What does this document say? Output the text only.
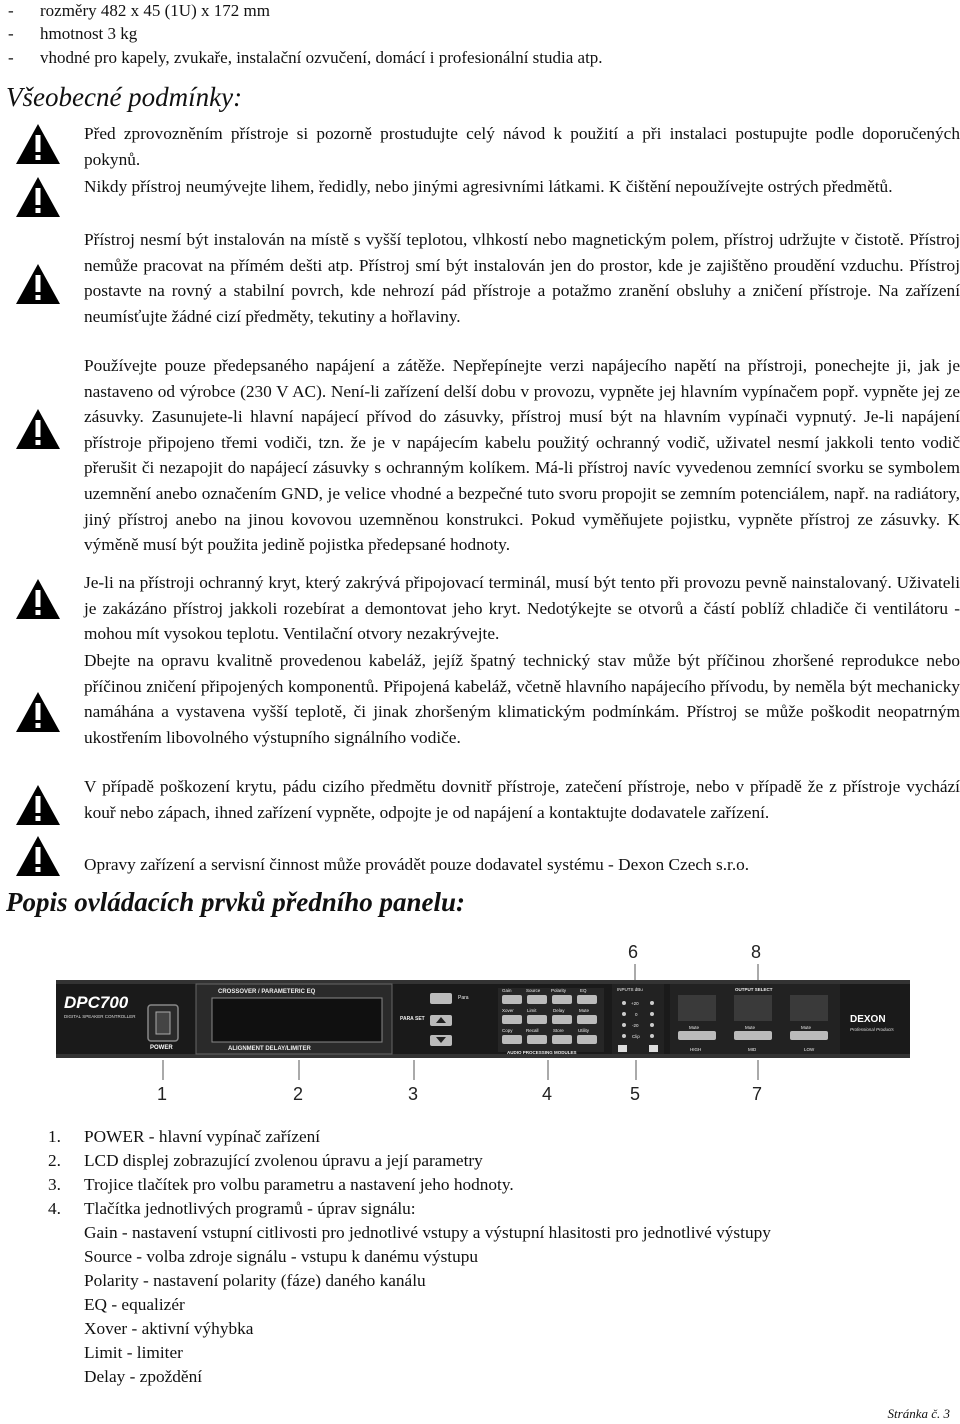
- rozměry 482 x 45 (1U) x 172 mm
- hmotnost 3 kg
- vhodné pro kapely, zvukaře, instalační ozvučení, domácí i profesionální studia atp.
Všeobecné podmínky:
Před zprovozněním přístroje si pozorně prostudujte celý návod k použití a při instalaci postupujte podle doporučených pokynů.
Nikdy přístroj neumývejte lihem, ředidly, nebo jinými agresivními látkami. K čištění nepoužívejte ostrých předmětů.
Přístroj nesmí být instalován na místě s vyšší teplotou, vlhkostí nebo magnetickým polem, přístroj udržujte v čistotě. Přístroj nemůže pracovat na přímém dešti atp. Přístroj smí být instalován jen do prostor, kde je zajištěno proudění vzduchu. Přístroj postavte na rovný a stabilní povrch, kde nehrozí pád přístroje a potažmo zranění obsluhy a zničení přístroje. Na zařízení neumísťujte žádné cizí předměty, tekutiny a hořlaviny.
Používejte pouze předepsaného napájení a zátěže. Nepřepínejte verzi napájecího napětí na přístroji, ponechejte ji, jak je nastaveno od výrobce (230 V AC). Není-li zařízení delší dobu v provozu, vypněte jej hlavním vypínačem popř. vypněte jej ze zásuvky. Zasunujete-li hlavní napájecí přívod do zásuvky, přístroj musí být na hlavním vypínači vypnutý. Je-li napájení přístroje připojeno třemi vodiči, tzn. že je v napájecím kabelu použitý ochranný vodič, uživatel nesmí jakkoli tento vodič přerušit či nezapojit do napájecí zásuvky s ochranným kolíkem. Má-li přístroj navíc vyvedenou zemnící svorku se symbolem uzemnění anebo označením GND, je velice vhodné a bezpečné tuto svoru propojit se zemním potenciálem, např. na radiátory, jiný přístroj anebo na jinou kovovou uzemněnou konstrukci. Pokud vyměňujete pojistku, vypněte přístroj ze zásuvky. K výměně musí být použita jedině pojistka předepsané hodnoty.
Je-li na přístroji ochranný kryt, který zakrývá připojovací terminál, musí být tento při provozu pevně nainstalovaný. Uživateli je zakázáno přístroj jakkoli rozebírat a demontovat jeho kryt. Nedotýkejte se otvorů a částí poblíž chladiče či ventilátoru - mohou mít vysokou teplotu. Ventilační otvory nezakrývejte.
Dbejte na opravu kvalitně provedenou kabeláž, jejíž špatný technický stav může být příčinou zhoršené reprodukce nebo příčinou zničení připojených komponentů. Připojená kabeláž, včetně hlavního napájecího přívodu, by neměla být mechanicky namáhána a vystavena vyšší teplotě, či jinak zhoršeným klimatickým podmínkám. Přístroj se může poškodit neopatrným ukostřením libovolného výstupního signálního vodiče.
V případě poškození krytu, pádu cizího předmětu dovnitř přístroje, zatečení přístroje, nebo v případě že z přístroje vychází kouř nebo zápach, ihned zařízení vypněte, odpojte je od napájení a kontaktujte dodavatele zařízení.
Opravy zařízení a servisní činnost může provádět pouze dodavatel systému - Dexon Czech s.r.o.
Popis ovládacích prvků předního panelu:
6	8
DPC700
DIGITAL SPEAKER CONTROLLER
POWER
CROSSOVER / PARAMETERIC EQ
ALIGNMENT DELAY/LIMITER
PARA SET
Para
Gain	Source Polarity	EQ
Xover	Limit	Delay	Mute
Copy	Recall	Store	Utility
AUDIO PROCESSING MODULES
INPUTS dBu
+20
0
-20
Clip
OUTPUT SELECT
Mute	Mute	Mute
HIGH	MID	LOW
DEXON
Professional Products
1	2	3	4	5	7
1. POWER - hlavní vypínač zařízení
2. LCD displej zobrazující zvolenou úpravu a její parametry
3. Trojice tlačítek pro volbu parametru a nastavení jeho hodnoty.
4. Tlačítka jednotlivých programů - úprav signálu:
Gain - nastavení vstupní citlivosti pro jednotlivé vstupy a výstupní hlasitosti pro jednotlivé výstupy
Source - volba zdroje signálu - vstupu k danému výstupu
Polarity - nastavení polarity (fáze) daného kanálu
EQ - equalizér
Xover - aktivní výhybka
Limit - limiter
Delay - zpoždění
Stránka č. 3
